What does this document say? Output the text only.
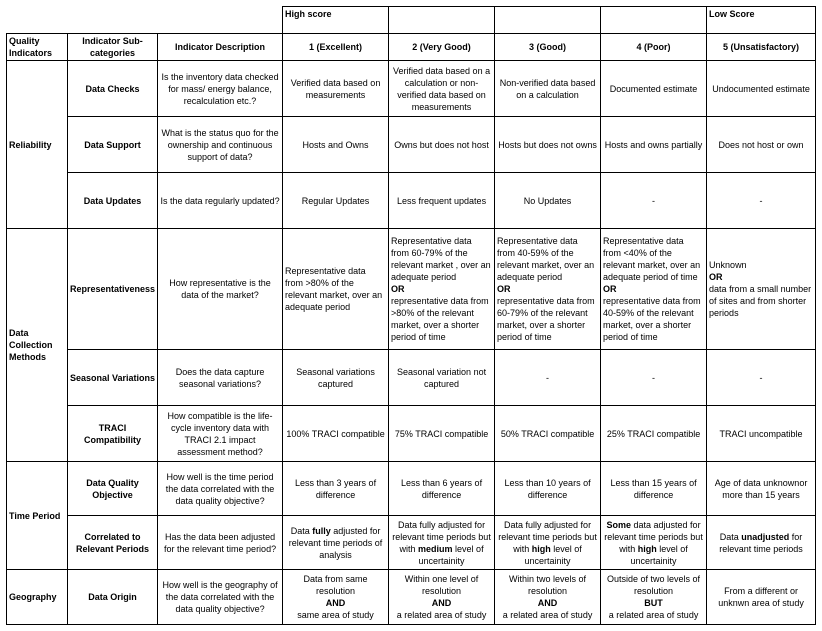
			High score				Low Score
Quality Indicators	Indicator Sub-categories	Indicator Description	1 (Excellent)	2 (Very Good)	3 (Good)	4 (Poor)	5 (Unsatisfactory)
Reliability	Data Checks	Is the inventory data checked for mass/ energy balance, recalculation etc.?	Verified data based on measurements	Verified data based on a calculation or non-verified data based on measurements	Non-verified data based on a calculation	Documented estimate	Undocumented estimate
	Data Support	What is the status quo for the ownership and continuous support of data?	Hosts and Owns	Owns but does not host	Hosts but does not owns	Hosts and owns partially	Does not host or own
	Data Updates	Is the data regularly updated?	Regular Updates	Less frequent updates	No Updates	-	-
Data Collection Methods	Representativeness	How representative is the data of the market?	Representative data from >80% of the relevant market, over an adequate period	Representative data from 60-79% of the relevant market , over an adequate period
OR
representative data from >80% of the relevant market, over a shorter period of time	Representative data from 40-59% of the relevant market, over an adequate period
OR
representative data from 60-79% of the relevant market, over a shorter period of time	Representative data from <40% of the relevant market, over an adequate period of time
OR
representative data from 40-59% of the relevant market, over a shorter period of time	Unknown
OR
data from a small number of sites and from shorter periods

	Seasonal Variations	Does the data capture seasonal variations?	Seasonal variations captured	Seasonal variation not captured	-	-	-
	TRACI Compatibility	How compatible is the life-cycle inventory data with TRACI 2.1 impact assessment method?	100% TRACI compatible	75% TRACI compatible	50% TRACI compatible	25% TRACI compatible	TRACI uncompatible
Time Period	Data Quality Objective	How well is the time period the data correlated with the data quality objective?	Less than 3 years of difference	Less than 6 years of difference	Less than 10 years of difference	Less than 15 years of difference	Age of data unknownor more than 15 years
	Correlated to Relevant Periods	Has the data been adjusted for the relevant time period?	Data fully adjusted for relevant time periods of analysis	Data fully adjusted for relevant time periods but with medium level of uncertainity	Data fully adjusted for relevant time periods but with high level of uncertainity	Some data adjusted for relevant time periods but with high level of uncertainity	Data unadjusted for relevant time periods
Geography	Data Origin	How well is the geography of the data correlated with the data quality objective?	Data from same resolution
AND
same area of study	Within one level of resolution
AND
a related area of study	Within two levels of resolution
AND
a related area of study	Outside of two levels of resolution
BUT
a related area of study	From a different or unknwn area of study
